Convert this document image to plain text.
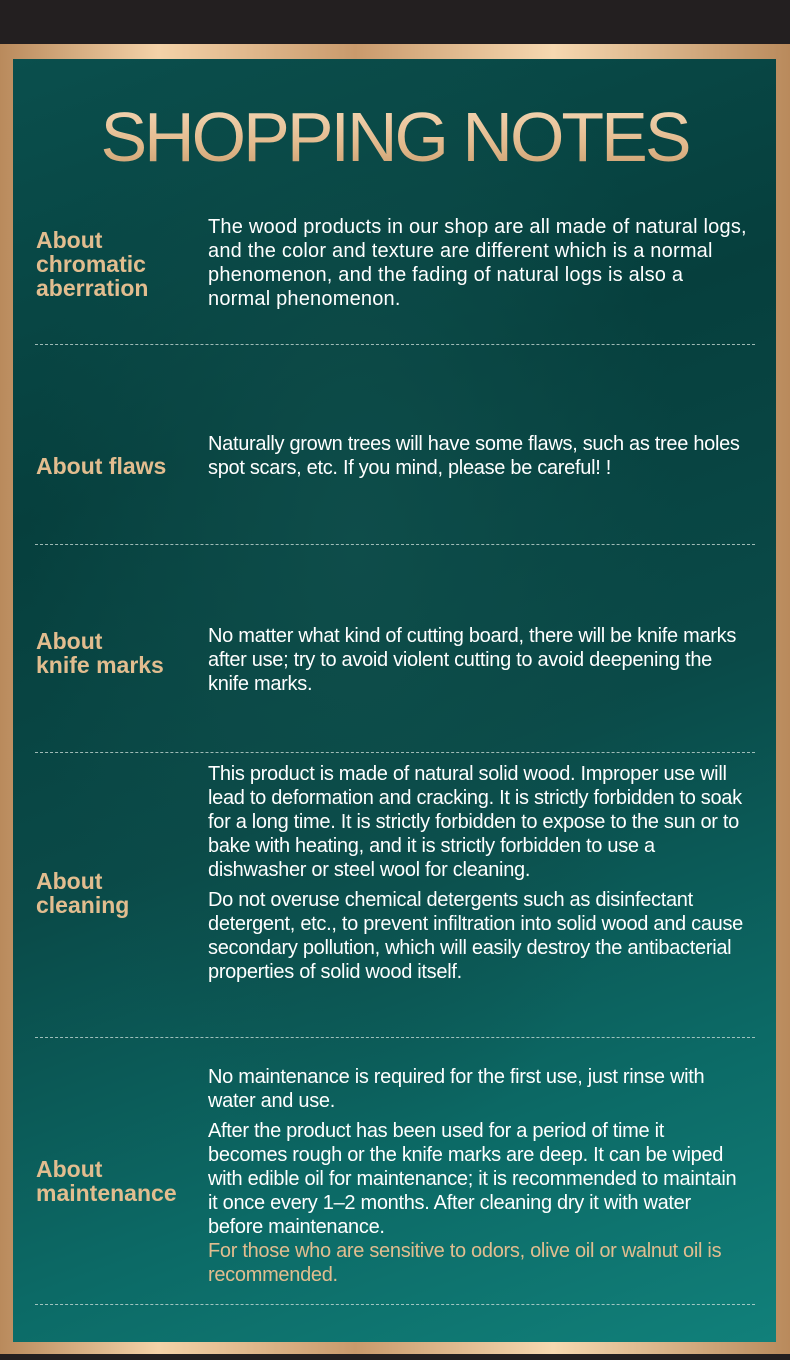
SHOPPING NOTES
About
chromatic
aberration

The wood products in our shop are all made of natural logs, and the color and texture are different which is a normal phenomenon, and the fading of natural logs is also a normal phenomenon.

About flaws

Naturally grown trees will have some flaws, such as tree holes spot scars, etc. If you mind, please be careful! !

About
knife marks

No matter what kind of cutting board, there will be knife marks after use; try to avoid violent cutting to avoid deepening the knife marks.

About
cleaning

This product is made of natural solid wood. Improper use will lead to deformation and cracking. It is strictly forbidden to soak for a long time. It is strictly forbidden to expose to the sun or to bake with heating, and it is strictly forbidden to use a dishwasher or steel wool for cleaning.

Do not overuse chemical detergents such as disinfectant detergent, etc., to prevent infiltration into solid wood and cause secondary pollution, which will easily destroy the antibacterial properties of solid wood itself.

About
maintenance

No maintenance is required for the first use, just rinse with water and use.

After the product has been used for a period of time it becomes rough or the knife marks are deep. It can be wiped with edible oil for maintenance; it is recommended to maintain it once every 1–2 months. After cleaning dry it with water before maintenance.

For those who are sensitive to odors, olive oil or walnut oil is recommended.
